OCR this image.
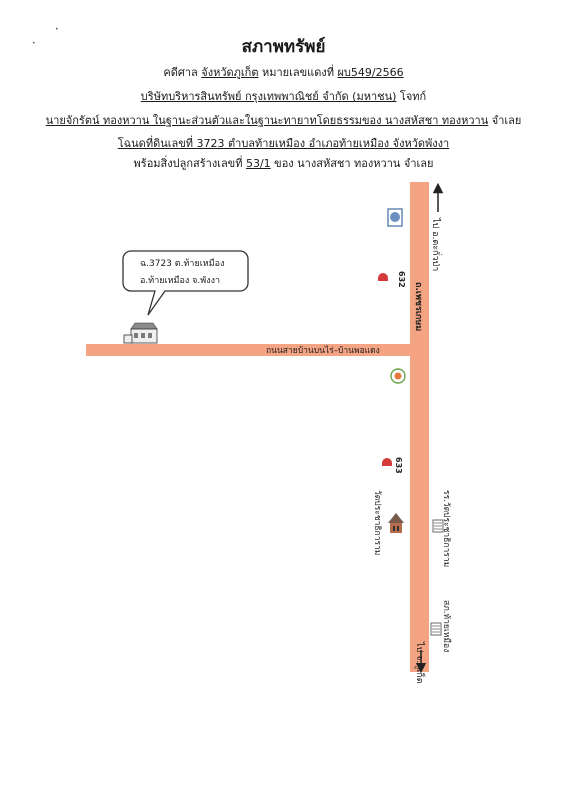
สภาพทรัพย์
คดีศาล จังหวัดภูเก็ต หมายเลขแดงที่ ผบ549/2566
บริษัทบริหารสินทรัพย์ กรุงเทพพาณิชย์ จำกัด (มหาชน) โจทก์
นายจักรัตน์ ทองหวาน ในฐานะส่วนตัวและในฐานะทายาทโดยธรรมของ นางสหัสชา ทองหวาน จำเลย
โฉนดที่ดินเลขที่ 3723 ตำบลท้ายเหมือง อำเภอท้ายเหมือง จังหวัดพังงา
พร้อมสิ่งปลูกสร้างเลขที่ 53/1 ของ นางสหัสชา ทองหวาน จำเลย
•
•
ไป อ.ตะกั่วป่า
ไป จ.ภูเก็ต
ถ.เพชรเกษม
ถนนสายบ้านบนไร่–บ้านพอแดง
632
633
ฉ.3723 ต.ท้ายเหมือง
อ.ท้ายเหมือง จ.พังงา
วัดประชาธิการาม	รร.วัดประชาธิการาม
สภ.ท้ายเหมือง
